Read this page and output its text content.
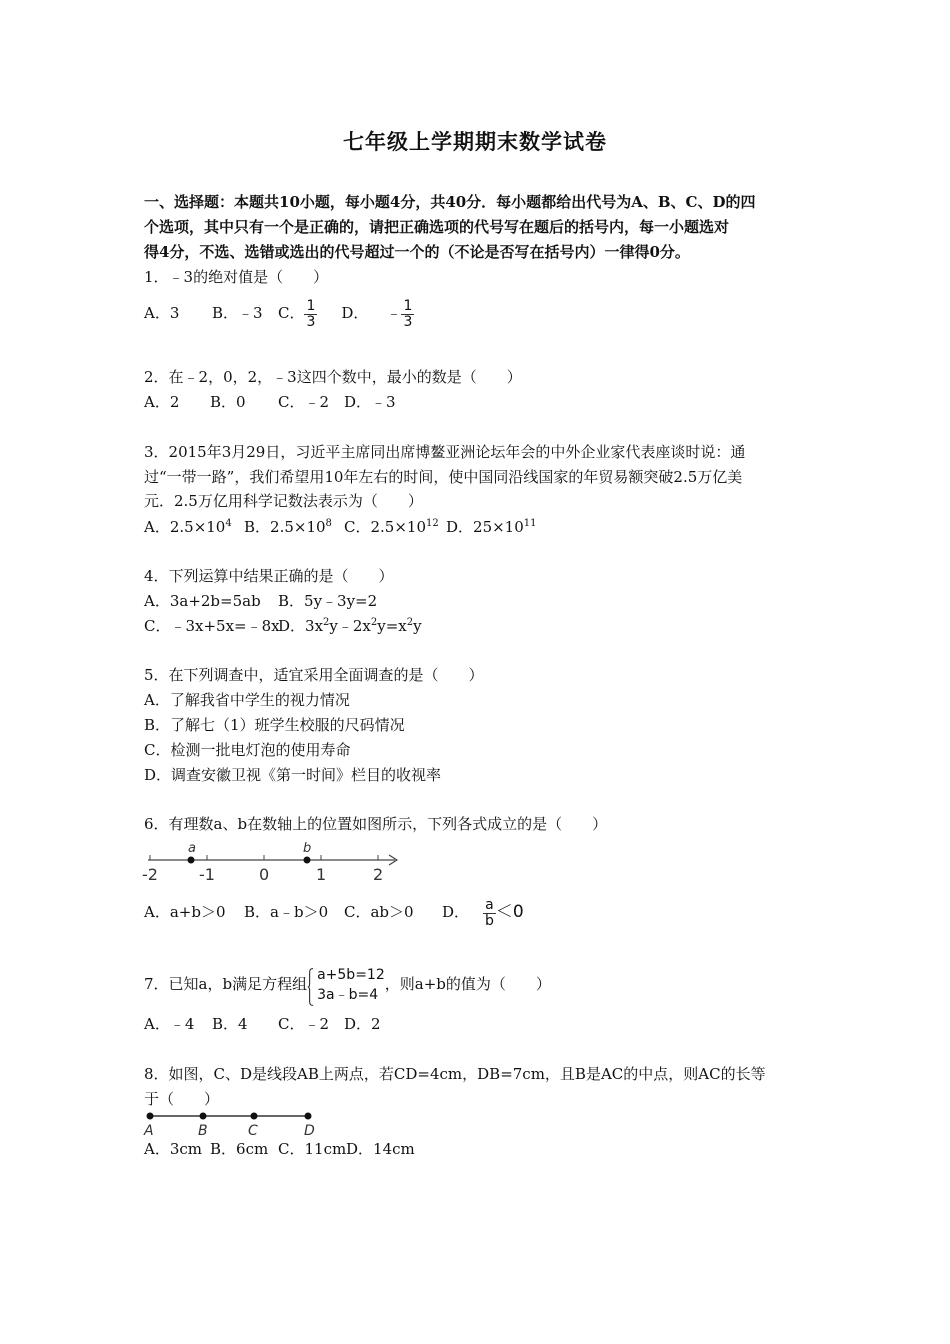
七年级上学期期末数学试卷
一、选择题：本题共10小题，每小题4分，共40分．每小题都给出代号为A、B、C、D的四
个选项，其中只有一个是正确的，请把正确选项的代号写在题后的括号内，每一小题选对
得4分，不选、选错或选出的代号超过一个的（不论是否写在括号内）一律得0分。
1．﹣3的绝对值是（　　）
A．3 B．﹣3 C． $\frac{1}{3}$ D． ﹣ $\frac{1}{3}$
2．在﹣2，0，2，﹣3这四个数中，最小的数是（　　）
A．2 B．0 C．﹣2 D．﹣3
3．2015年3月29日，习近平主席同出席博鳌亚洲论坛年会的中外企业家代表座谈时说：通
过“一带一路”，我们希望用10年左右的时间，使中国同沿线国家的年贸易额突破2.5万亿美
元．2.5万亿用科学记数法表示为（　　）
A．$2.5\times 10^4$ B．$2.5\times 10^8$ C．$2.5\times 10^{12}$ D．$25\times 10^{11}$
4．下列运算中结果正确的是（　　）
A．3a+2b=5ab B．5y﹣3y=2
C．﹣3x+5x=﹣8xD．$3x^2y﹣2x^2y=x^2y$
5．在下列调查中，适宜采用全面调查的是（　　）
A．了解我省中学生的视力情况
B．了解七（1）班学生校服的尺码情况
C．检测一批电灯泡的使用寿命
D．调查安徽卫视《第一时间》栏目的收视率
6．有理数a、b在数轴上的位置如图所示，下列各式成立的是（　　）
a	b
-2	-1	0	1	2
A．a+b＞0 B．a﹣b＞0 C．ab＞0 D． $\frac{a}{b} <0$
7．已知a，b满足方程组 a+5b=12
3a﹣b=4
，则a+b的值为（　　）
A．﹣4 B．4 C．﹣2 D．2
8．如图，C、D是线段AB上两点，若CD=4cm，DB=7cm，且B是AC的中点，则AC的长等
于（　　）
A	B	C	D
A．3cm B．6cm C．11cmD．14cm
